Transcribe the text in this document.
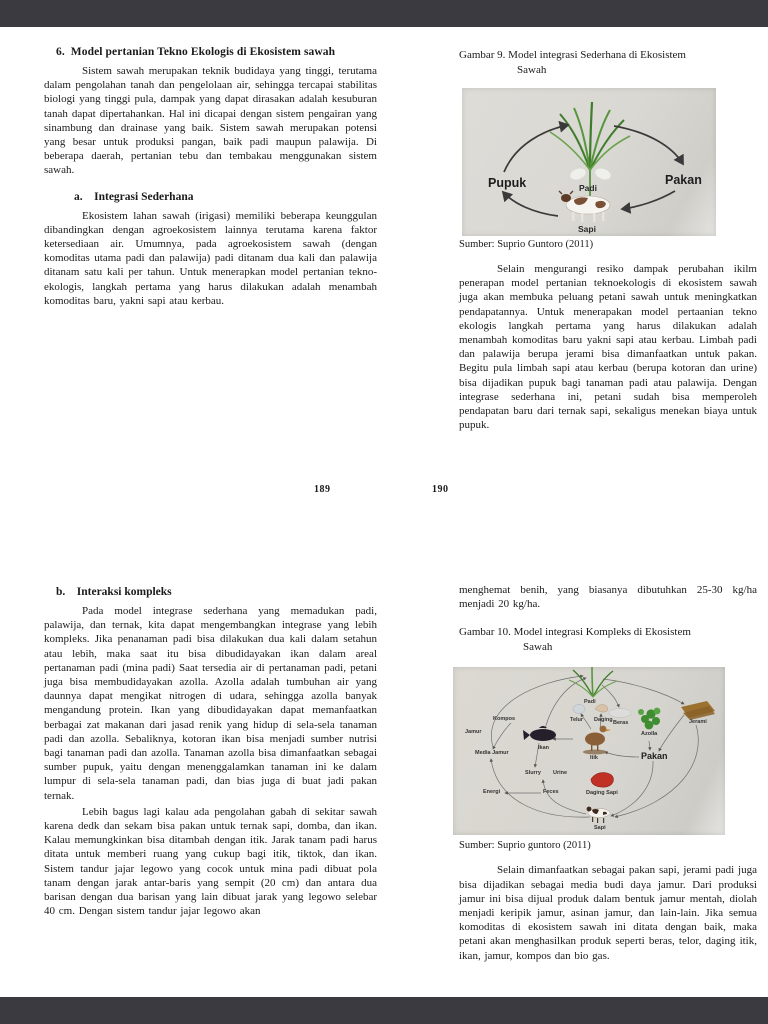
6.  Model pertanian Tekno Ekologis di Ekosistem sawah

Sistem sawah merupakan teknik budidaya yang tinggi, terutama dalam pengolahan tanah dan pengelolaan air, sehingga tercapai stabilitas biologi yang tinggi pula, dampak yang dapat dirasakan adalah kesuburan tanah dapat dipertahankan. Hal ini dicapai dengan sistem pengairan yang sinambung dan drainase yang baik. Sistem sawah merupakan potensi yang besar untuk produksi pangan, baik padi maupun palawija. Di beberapa daerah, pertanian tebu dan tembakau menggunakan sistem sawah.

a.    Integrasi Sederhana

Ekosistem lahan sawah (irigasi) memiliki beberapa keunggulan dibandingkan dengan agroekosistem lainnya terutama karena faktor ketersediaan air. Umumnya, pada agroekosistem sawah (dengan komoditas utama padi dan palawija) padi ditanam dua kali dan palawija ditanam satu kali per tahun. Untuk menerapkan model pertanian tekno-ekologis, langkah pertama yang harus dilakukan adalah menambah komoditas baru, yakni sapi atau kerbau.

189
Gambar 9. Model integrasi Sederhana di Ekosistem
Sawah
Pupuk	Pakan
Padi
Sapi
Sumber: Suprio Guntoro (2011)

Selain mengurangi resiko dampak perubahan ikilm penerapan model pertanian teknoekologis di ekosistem sawah juga akan membuka peluang petani sawah untuk meningkatkan pendapatannya. Untuk menerapakan model pertaanian tekno ekologis langkah pertama yang harus dilakukan adalah menambah komoditas baru yakni sapi atau kerbau. Limbah padi dan palawija berupa jerami bisa dimanfaatkan untuk pakan. Begitu pula limbah sapi atau kerbau (berupa kotoran dan urine) bisa dijadikan pupuk bagi tanaman padi atau palawija. Dengan integrase sederhana ini, petani sudah bisa memperoleh pendapatan baru dari ternak sapi, sekaligus menekan biaya untuk pupuk.

190
b.    Interaksi kompleks

Pada model integrase sederhana yang memadukan padi, palawija, dan ternak, kita dapat mengembangkan integrase yang lebih kompleks. Jika penanaman padi bisa dilakukan dua kali dalam setahun atau lebih, maka saat itu bisa dibudidayakan ikan dalam areal pertanaman padi (mina padi) Saat tersedia air di pertanaman padi, petani juga bisa membudidayakan azolla. Azolla adalah tumbuhan air yang daunnya dapat mengikat nitrogen di udara, sehingga azolla banyak mengandung protein. Ikan yang dibudidayakan dapat memanfaatkan berbagai zat makanan dari jasad renik yang hidup di sela-sela tanaman padi dan azolla. Sebaliknya, kotoran ikan bisa menjadi sumber nutrisi bagi tanaman padi dan azolla. Tanaman azolla bisa dimanfaatkan sebagai sumber pupuk, yaitu dengan menenggalamkan tanaman ini ke dalam lumpur di sela-sela tanaman padi, dan bias juga di buat jadi pakan ternak.

Lebih bagus lagi kalau ada pengolahan gabah di sekitar sawah karena dedk dan sekam bisa pakan untuk ternak sapi, domba, dan ikan. Kalau memungkinkan bisa ditambah dengan itik. Jarak tanam padi harus ditata untuk memberi ruang yang cukup bagi itik, tiktok, dan ikan. Sistem tandur jajar legowo yang cocok untuk mina padi dibuat pola tanam dengan jarak antar-baris yang sempit (20 cm) dan antara dua barisan dengan dua barisan yang lain dibuat jarak yang legowo selebar 40 cm. Dengan sistem tandur jajar legowo akan

menghemat benih, yang biasanya dibutuhkan 25-30 kg/ha menjadi 20 kg/ha.

Gambar 10. Model integrasi Kompleks di Ekosistem
Sawah
Padi
Kompos
Jamur
Media Jamur
Ikan
Slurry Urine
Energi	Feces
Telur Daging Beras
Itik
Daging Sapi
Sapi
Azolla
Jerami
Pakan
Sumber: Suprio guntoro (2011)

Selain dimanfaatkan sebagai pakan sapi, jerami padi juga bisa dijadikan sebagai media budi daya jamur. Dari produksi jamur ini bisa dijual produk dalam bentuk jamur mentah, diolah menjadi keripik jamur, asinan jamur, dan lain-lain. Jika semua komoditas di ekosistem sawah ini ditata dengan baik, maka petani akan menghasilkan produk seperti beras, telor, daging itik, ikan, jamur, kompos dan bio gas.
